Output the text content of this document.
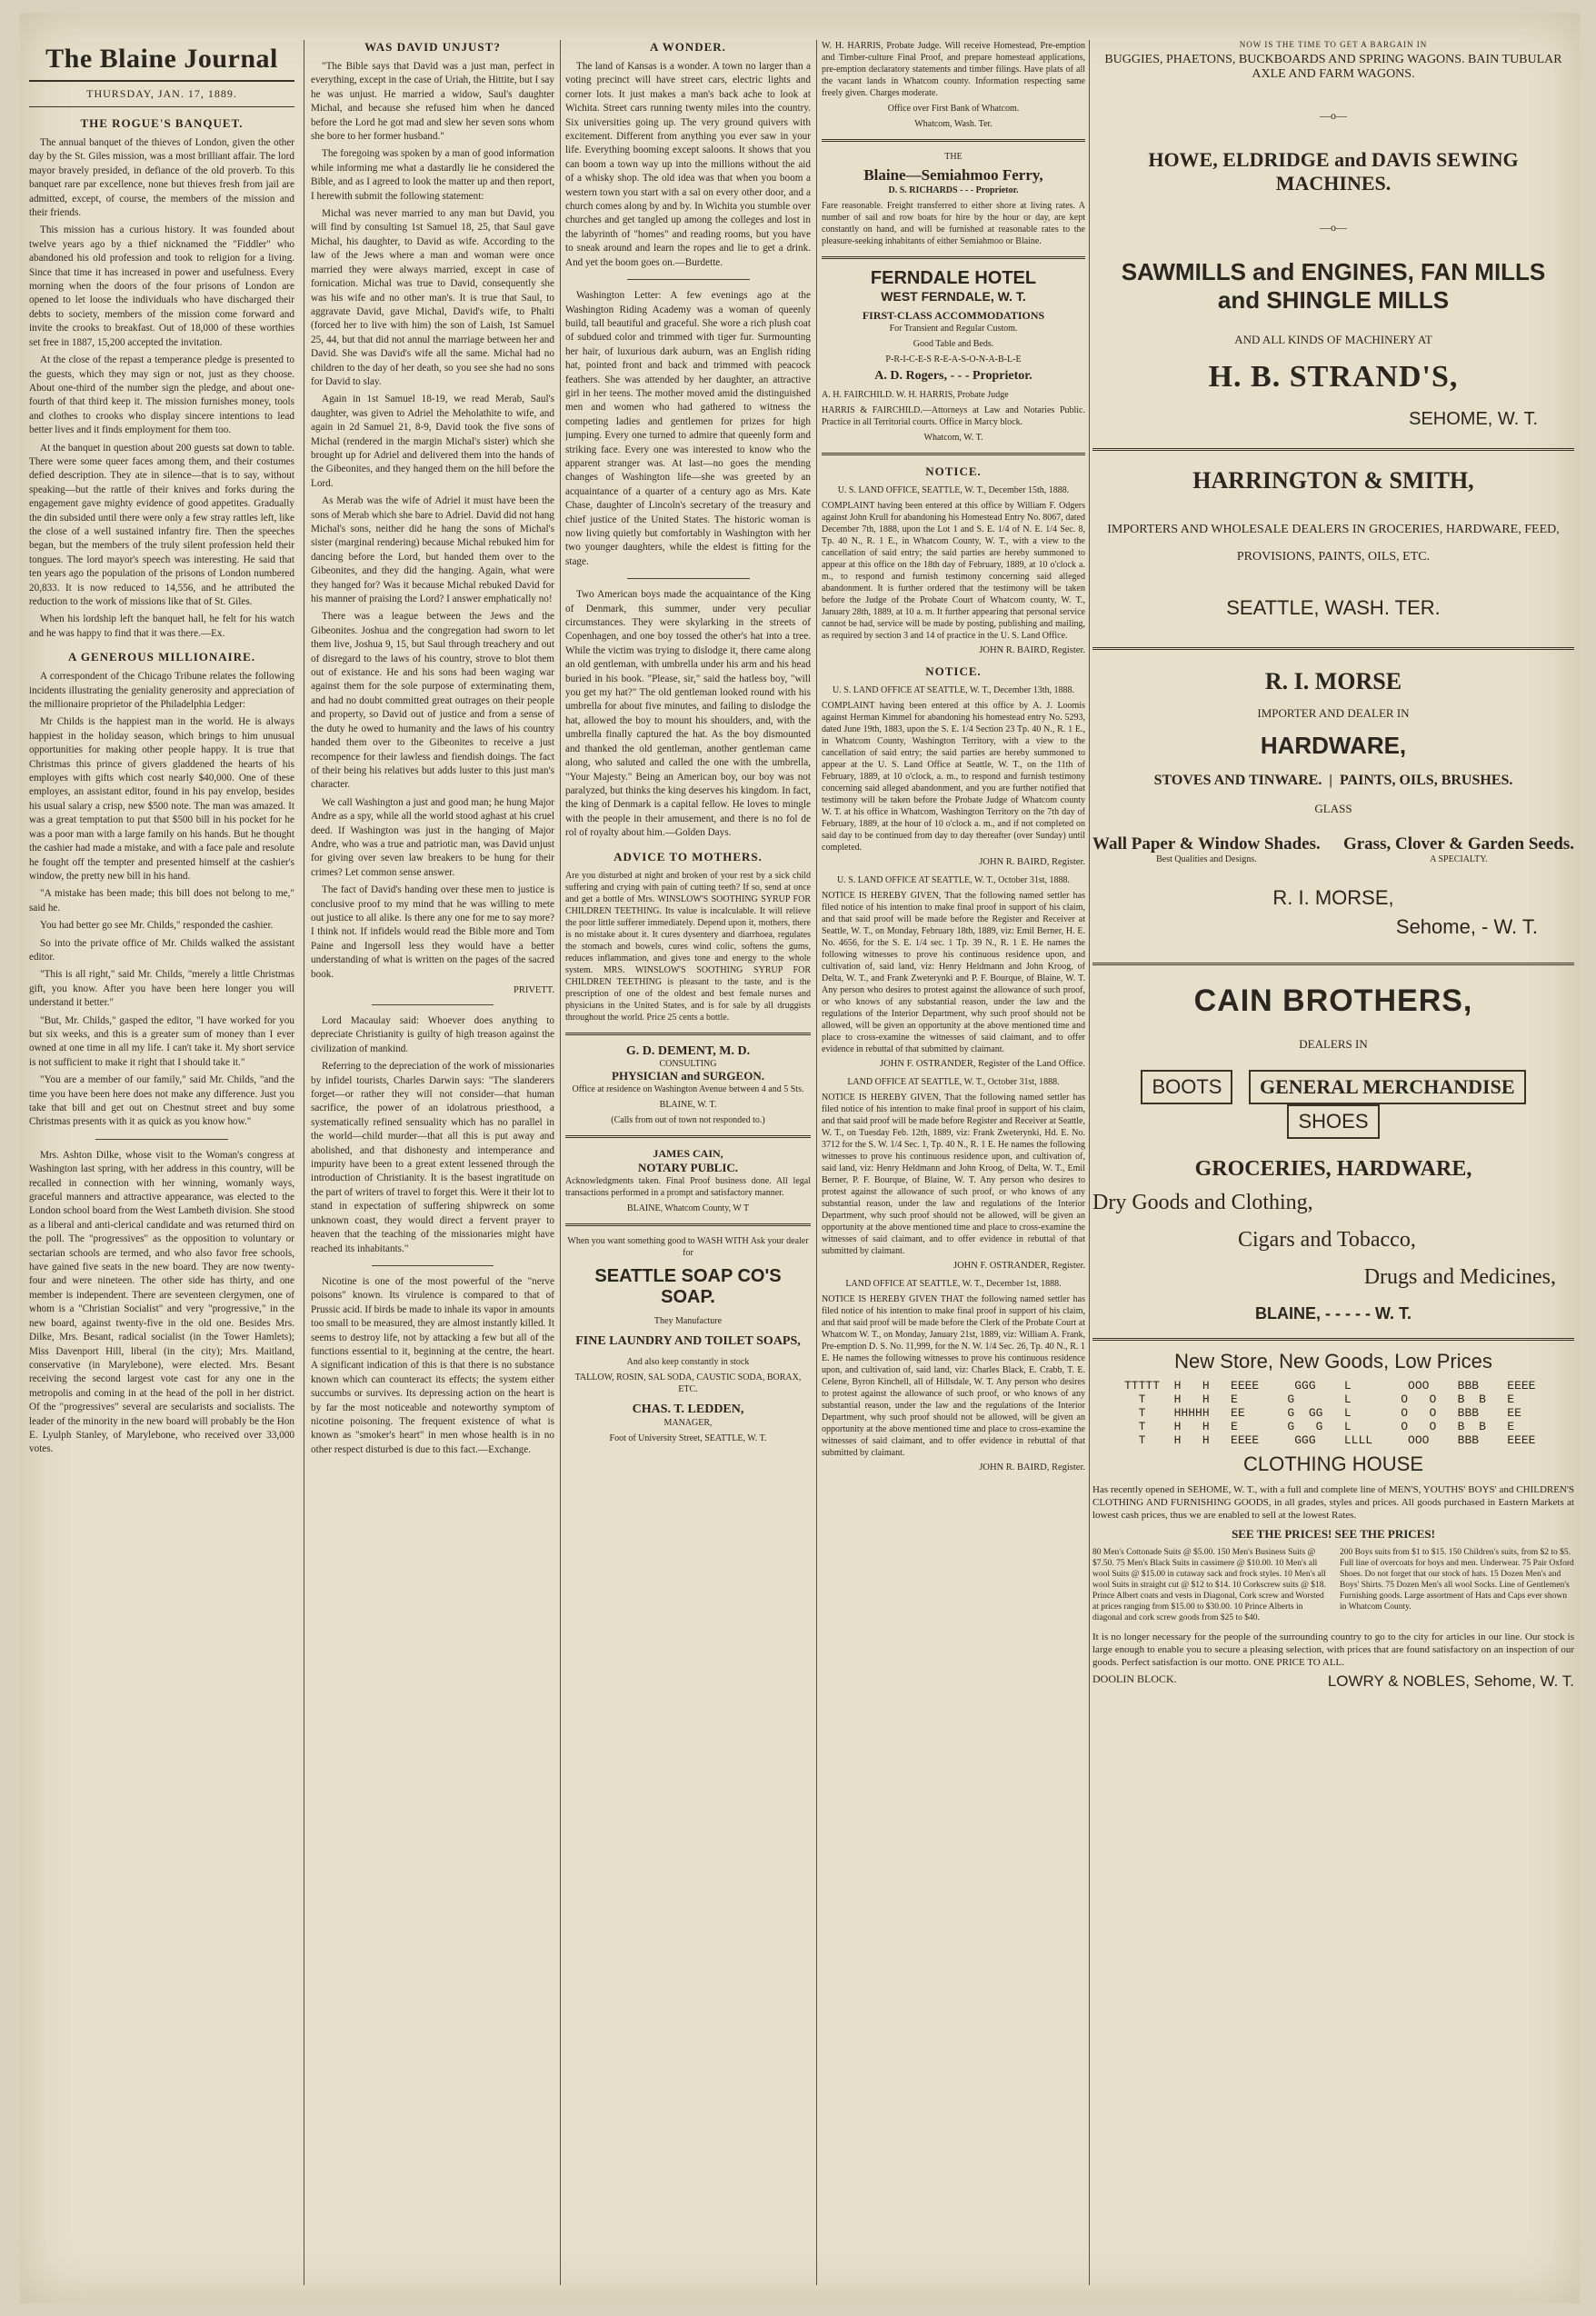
The Blaine Journal
THURSDAY, JAN. 17, 1889.
THE ROGUE'S BANQUET.

The annual banquet of the thieves of London, given the other day by the St. Giles mission, was a most brilliant affair. The lord mayor bravely presided, in defiance of the old proverb. To this banquet rare par excellence, none but thieves fresh from jail are admitted, except, of course, the members of the mission and their friends.

This mission has a curious history. It was founded about twelve years ago by a thief nicknamed the "Fiddler" who abandoned his old profession and took to religion for a living. Since that time it has increased in power and usefulness. Every morning when the doors of the four prisons of London are opened to let loose the individuals who have discharged their debts to society, members of the mission come forward and invite the crooks to breakfast. Out of 18,000 of these worthies set free in 1887, 15,200 accepted the invitation.

At the close of the repast a temperance pledge is presented to the guests, which they may sign or not, just as they choose. About one-third of the number sign the pledge, and about one-fourth of that third keep it. The mission furnishes money, tools and clothes to crooks who display sincere intentions to lead better lives and it finds employment for them too.

At the banquet in question about 200 guests sat down to table. There were some queer faces among them, and their costumes defied description. They ate in silence—that is to say, without speaking—but the rattle of their knives and forks during the engagement gave mighty evidence of good appetites. Gradually the din subsided until there were only a few stray rattles left, like the close of a well sustained infantry fire. Then the speeches began, but the members of the truly silent profession held their tongues. The lord mayor's speech was interesting. He said that ten years ago the population of the prisons of London numbered 20,833. It is now reduced to 14,556, and he attributed the reduction to the work of missions like that of St. Giles.

When his lordship left the banquet hall, he felt for his watch and he was happy to find that it was there.—Ex.

A GENEROUS MILLIONAIRE.

A correspondent of the Chicago Tribune relates the following incidents illustrating the geniality generosity and appreciation of the millionaire proprietor of the Philadelphia Ledger:

Mr Childs is the happiest man in the world. He is always happiest in the holiday season, which brings to him unusual opportunities for making other people happy. It is true that Christmas this prince of givers gladdened the hearts of his employes with gifts which cost nearly $40,000. One of these employes, an assistant editor, found in his pay envelop, besides his usual salary a crisp, new $500 note. The man was amazed. It was a great temptation to put that $500 bill in his pocket for he was a poor man with a large family on his hands. But he thought the cashier had made a mistake, and with a face pale and resolute he fought off the tempter and presented himself at the cashier's window, the pretty new bill in his hand.

"A mistake has been made; this bill does not belong to me," said he.

You had better go see Mr. Childs," responded the cashier.

So into the private office of Mr. Childs walked the assistant editor.

"This is all right," said Mr. Childs, "merely a little Christmas gift, you know. After you have been here longer you will understand it better."

"But, Mr. Childs," gasped the editor, "I have worked for you but six weeks, and this is a greater sum of money than I ever owned at one time in all my life. I can't take it. My short service is not sufficient to make it right that I should take it."

"You are a member of our family," said Mr. Childs, "and the time you have been here does not make any difference. Just you take that bill and get out on Chestnut street and buy some Christmas presents with it as quick as you know how."

Mrs. Ashton Dilke, whose visit to the Woman's congress at Washington last spring, with her address in this country, will be recalled in connection with her winning, womanly ways, graceful manners and attractive appearance, was elected to the London school board from the West Lambeth division. She stood as a liberal and anti-clerical candidate and was returned third on the poll. The "progressives" as the opposition to voluntary or sectarian schools are termed, and who also favor free schools, have gained five seats in the new board. They are now twenty-four and were nineteen. The other side has thirty, and one member is independent. There are seventeen clergymen, one of whom is a "Christian Socialist" and very "progressive," in the new board, against twenty-five in the old one. Besides Mrs. Dilke, Mrs. Besant, radical socialist (in the Tower Hamlets); Miss Davenport Hill, liberal (in the city); Mrs. Maitland, conservative (in Marylebone), were elected. Mrs. Besant receiving the second largest vote cast for any one in the metropolis and coming in at the head of the poll in her district. Of the "progressives" several are secularists and socialists. The leader of the minority in the new board will probably be the Hon E. Lyulph Stanley, of Marylebone, who received over 33,000 votes.

WAS DAVID UNJUST?

"The Bible says that David was a just man, perfect in everything, except in the case of Uriah, the Hittite, but I say he was unjust. He married a widow, Saul's daughter Michal, and because she refused him when he danced before the Lord he got mad and slew her seven sons whom she bore to her former husband."

The foregoing was spoken by a man of good information while informing me what a dastardly lie he considered the Bible, and as I agreed to look the matter up and then report, I herewith submit the following statement:

Michal was never married to any man but David, you will find by consulting 1st Samuel 18, 25, that Saul gave Michal, his daughter, to David as wife. According to the law of the Jews where a man and woman were once married they were always married, except in case of fornication. Michal was true to David, consequently she was his wife and no other man's. It is true that Saul, to aggravate David, gave Michal, David's wife, to Phalti (forced her to live with him) the son of Laish, 1st Samuel 25, 44, but that did not annul the marriage between her and David. She was David's wife all the same. Michal had no children to the day of her death, so you see she had no sons for David to slay.

Again in 1st Samuel 18-19, we read Merab, Saul's daughter, was given to Adriel the Meholathite to wife, and again in 2d Samuel 21, 8-9, David took the five sons of Michal (rendered in the margin Michal's sister) which she brought up for Adriel and delivered them into the hands of the Gibeonites, and they hanged them on the hill before the Lord.

As Merab was the wife of Adriel it must have been the sons of Merab which she bare to Adriel. David did not hang Michal's sons, neither did he hang the sons of Michal's sister (marginal rendering) because Michal rebuked him for dancing before the Lord, but handed them over to the Gibeonites, and they did the hanging. Again, what were they hanged for? Was it because Michal rebuked David for his manner of praising the Lord? I answer emphatically no!

There was a league between the Jews and the Gibeonites. Joshua and the congregation had sworn to let them live, Joshua 9, 15, but Saul through treachery and out of disregard to the laws of his country, strove to blot them out of existance. He and his sons had been waging war against them for the sole purpose of exterminating them, and had no doubt committed great outrages on their people and property, so David out of justice and from a sense of the duty he owed to humanity and the laws of his country handed them over to the Gibeonites to receive a just recompence for their lawless and fiendish doings. The fact of their being his relatives but adds luster to this just man's character.

We call Washington a just and good man; he hung Major Andre as a spy, while all the world stood aghast at his cruel deed. If Washington was just in the hanging of Major Andre, who was a true and patriotic man, was David unjust for giving over seven law breakers to be hung for their crimes? Let common sense answer.

The fact of David's handing over these men to justice is conclusive proof to my mind that he was willing to mete out justice to all alike. Is there any one for me to say more? I think not. If infidels would read the Bible more and Tom Paine and Ingersoll less they would have a better understanding of what is written on the pages of the sacred book.

PRIVETT.

Lord Macaulay said: Whoever does anything to depreciate Christianity is guilty of high treason against the civilization of mankind.

Referring to the depreciation of the work of missionaries by infidel tourists, Charles Darwin says: "The slanderers forget—or rather they will not consider—that human sacrifice, the power of an idolatrous priesthood, a systematically refined sensuality which has no parallel in the world—child murder—that all this is put away and abolished, and that dishonesty and intemperance and impurity have been to a great extent lessened through the introduction of Christianity. It is the basest ingratitude on the part of writers of travel to forget this. Were it their lot to stand in expectation of suffering shipwreck on some unknown coast, they would direct a fervent prayer to heaven that the teaching of the missionaries might have reached its inhabitants."

Nicotine is one of the most powerful of the "nerve poisons" known. Its virulence is compared to that of Prussic acid. If birds be made to inhale its vapor in amounts too small to be measured, they are almost instantly killed. It seems to destroy life, not by attacking a few but all of the functions essential to it, beginning at the centre, the heart. A significant indication of this is that there is no substance known which can counteract its effects; the system either succumbs or survives. Its depressing action on the heart is by far the most noticeable and noteworthy symptom of nicotine poisoning. The frequent existence of what is known as "smoker's heart" in men whose health is in no other respect disturbed is due to this fact.—Exchange.

A WONDER.

The land of Kansas is a wonder. A town no larger than a voting precinct will have street cars, electric lights and corner lots. It just makes a man's back ache to look at Wichita. Street cars running twenty miles into the country. Six universities going up. The very ground quivers with excitement. Different from anything you ever saw in your life. Everything booming except saloons. It shows that you can boom a town way up into the millions without the aid of a whisky shop. The old idea was that when you boom a western town you start with a sal on every other door, and a church comes along by and by. In Wichita you stumble over churches and get tangled up among the colleges and lost in the labyrinth of "homes" and reading rooms, but you have to sneak around and learn the ropes and lie to get a drink. And yet the boom goes on.—Burdette.

Washington Letter: A few evenings ago at the Washington Riding Academy was a woman of queenly build, tall beautiful and graceful. She wore a rich plush coat of subdued color and trimmed with tiger fur. Surmounting her hair, of luxurious dark auburn, was an English riding hat, pointed front and back and trimmed with peacock feathers. She was attended by her daughter, an attractive girl in her teens. The mother moved amid the distinguished men and women who had gathered to witness the competing ladies and gentlemen for prizes for high jumping. Every one turned to admire that queenly form and striking face. Every one was interested to know who the apparent stranger was. At last—no goes the mending changes of Washington life—she was greeted by an acquaintance of a quarter of a century ago as Mrs. Kate Chase, daughter of Lincoln's secretary of the treasury and chief justice of the United States. The historic woman is now living quietly but comfortably in Washington with her two younger daughters, while the eldest is fitting for the stage.

Two American boys made the acquaintance of the King of Denmark, this summer, under very peculiar circumstances. They were skylarking in the streets of Copenhagen, and one boy tossed the other's hat into a tree. While the victim was trying to dislodge it, there came along an old gentleman, with umbrella under his arm and his head buried in his book. "Please, sir," said the hatless boy, "will you get my hat?" The old gentleman looked round with his umbrella for about five minutes, and failing to dislodge the hat, allowed the boy to mount his shoulders, and, with the umbrella finally captured the hat. As the boy dismounted and thanked the old gentleman, another gentleman came along, who saluted and called the one with the umbrella, "Your Majesty." Being an American boy, our boy was not paralyzed, but thinks the king deserves his kingdom. In fact, the king of Denmark is a capital fellow. He loves to mingle with the people in their amusement, and there is no fol de rol of royalty about him.—Golden Days.

ADVICE TO MOTHERS.

Are you disturbed at night and broken of your rest by a sick child suffering and crying with pain of cutting teeth? If so, send at once and get a bottle of Mrs. WINSLOW'S SOOTHING SYRUP FOR CHILDREN TEETHING. Its value is incalculable. It will relieve the poor little sufferer immediately. Depend upon it, mothers, there is no mistake about it. It cures dysentery and diarrhoea, regulates the stomach and bowels, cures wind colic, softens the gums, reduces inflammation, and gives tone and energy to the whole system. MRS. WINSLOW'S SOOTHING SYRUP FOR CHILDREN TEETHING is pleasant to the taste, and is the prescription of one of the oldest and best female nurses and physicians in the United States, and is for sale by all druggists throughout the world. Price 25 cents a bottle.

G. D. DEMENT, M. D.
CONSULTING
PHYSICIAN and SURGEON.
Office at residence on Washington Avenue between 4 and 5 Sts.
BLAINE, W. T.
(Calls from out of town not responded to.)
JAMES CAIN,
NOTARY PUBLIC.
Acknowledgments taken. Final Proof business done. All legal transactions performed in a prompt and satisfactory manner.
BLAINE, Whatcom County, W T
When you want something good to WASH WITH Ask your dealer for
SEATTLE SOAP CO'S SOAP.
They Manufacture
FINE LAUNDRY AND TOILET SOAPS,
And also keep constantly in stock
TALLOW, ROSIN, SAL SODA, CAUSTIC SODA, BORAX, ETC.
CHAS. T. LEDDEN,
MANAGER,
Foot of University Street, SEATTLE, W. T.

W. H. HARRIS, Probate Judge. Will receive Homestead, Pre-emption and Timber-culture Final Proof, and prepare homestead applications, pre-emption declaratory statements and timber filings. Have plats of all the vacant lands in Whatcom county. Information respecting same freely given. Charges moderate.

Office over First Bank of Whatcom.
Whatcom, Wash. Ter.
THE
Blaine—Semiahmoo Ferry,
D. S. RICHARDS - - - Proprietor.

Fare reasonable. Freight transferred to either shore at living rates. A number of sail and row boats for hire by the hour or day, are kept constantly on hand, and will be furnished at reasonable rates to the pleasure-seeking inhabitants of either Semiahmoo or Blaine.

FERNDALE HOTEL
WEST FERNDALE, W. T.
FIRST-CLASS ACCOMMODATIONS
For Transient and Regular Custom.
Good Table and Beds.
P-R-I-C-E-S R-E-A-S-O-N-A-B-L-E
A. D. Rogers, - - - Proprietor.
A. H. FAIRCHILD. W. H. HARRIS, Probate Judge

HARRIS & FAIRCHILD.—Attorneys at Law and Notaries Public. Practice in all Territorial courts. Office in Marcy block.

Whatcom, W. T.
NOTICE.
U. S. LAND OFFICE, SEATTLE, W. T., December 15th, 1888.

COMPLAINT having been entered at this office by William F. Odgers against John Krull for abandoning his Homestead Entry No. 8067, dated December 7th, 1888, upon the Lot 1 and S. E. 1/4 of N. E. 1/4 Sec. 8, Tp. 40 N., R. 1 E., in Whatcom County, W. T., with a view to the cancellation of said entry; the said parties are hereby summoned to appear at this office on the 18th day of February, 1889, at 10 o'clock a. m., to respond and furnish testimony concerning said alleged abandonment. It is further ordered that the testimony will be taken before the Judge of the Probate Court of Whatcom county, W. T., January 28th, 1889, at 10 a. m. It further appearing that personal service cannot be had, service will be made by posting, publishing and mailing, as required by section 3 and 14 of practice in the U. S. Land Office.

JOHN R. BAIRD, Register.
NOTICE.
U. S. LAND OFFICE AT SEATTLE, W. T., December 13th, 1888.

COMPLAINT having been entered at this office by A. J. Loomis against Herman Kimmel for abandoning his homestead entry No. 5293, dated June 19th, 1883, upon the S. E. 1/4 Section 23 Tp. 40 N., R. 1 E., in Whatcom County, Washington Territory, with a view to the cancellation of said entry; the said parties are hereby summoned to appear at the U. S. Land Office at Seattle, W. T., on the 11th of February, 1889, at 10 o'clock, a. m., to respond and furnish testimony concerning said alleged abandonment, and you are further notified that testimony will be taken before the Probate Judge of Whatcom county W. T. at his office in Whatcom, Washington Territory on the 7th day of February, 1889, at the hour of 10 o'clock a. m., and if not completed on said day to be continued from day to day thereafter (over Sunday) until completed.

JOHN R. BAIRD, Register.
U. S. LAND OFFICE AT SEATTLE, W. T., October 31st, 1888.

NOTICE IS HEREBY GIVEN, That the following named settler has filed notice of his intention to make final proof in support of his claim, and that said proof will be made before the Register and Receiver at Seattle, W. T., on Monday, February 18th, 1889, viz: Emil Berner, H. E. No. 4656, for the S. E. 1/4 sec. 1 Tp. 39 N., R. 1 E. He names the following witnesses to prove his continuous residence upon, and cultivation of, said land, viz: Henry Heldmann and John Kroog, of Delta, W. T., and Frank Zweterynki and P. F. Bourque, of Blaine, W. T. Any person who desires to protest against the allowance of such proof, or who knows of any substantial reason, under the law and the regulations of the Interior Department, why such proof should not be allowed, will be given an opportunity at the above mentioned time and place to cross-examine the witnesses of said claimant, and to offer evidence in rebuttal of that submitted by claimant.

JOHN F. OSTRANDER, Register of the Land Office.
LAND OFFICE AT SEATTLE, W. T., October 31st, 1888.

NOTICE IS HEREBY GIVEN, That the following named settler has filed notice of his intention to make final proof in support of his claim, and that said proof will be made before Register and Receiver at Seattle, W. T., on Tuesday Feb. 12th, 1889, viz: Frank Zweterynki, Hd. E. No. 3712 for the S. W. 1/4 Sec. 1, Tp. 40 N., R. 1 E. He names the following witnesses to prove his continuous residence upon, and cultivation of, said land, viz: Henry Heldmann and John Kroog, of Delta, W. T., Emil Berner, P. F. Bourque, of Blaine, W. T. Any person who desires to protest against the allowance of such proof, or who knows of any substantial reason, under the law and regulations of the Interior Department, why such proof should not be allowed, will be given an opportunity at the above mentioned time and place to cross-examine the witnesses of said claimant, and to offer evidence in rebuttal of that submitted by claimant.

JOHN F. OSTRANDER, Register.
LAND OFFICE AT SEATTLE, W. T., December 1st, 1888.

NOTICE IS HEREBY GIVEN THAT the following named settler has filed notice of his intention to make final proof in support of his claim, and that said proof will be made before the Clerk of the Probate Court at Whatcom W. T., on Monday, January 21st, 1889, viz: William A. Frank, Pre-emption D. S. No. 11,999, for the N. W. 1/4 Sec. 26, Tp. 40 N., R. 1 E. He names the following witnesses to prove his continuous residence upon, and cultivation of, said land, viz: Charles Black, E. Crabb, T. E. Celene, Byron Kinchell, all of Hillsdale, W. T. Any person who desires to protest against the allowance of such proof, or who knows of any substantial reason, under the law and the regulations of the Interior Department, why such proof should not be allowed, will be given an opportunity at the above mentioned time and place to cross-examine the witnesses of said claimant, and to offer evidence in rebuttal of that submitted by claimant.

JOHN R. BAIRD, Register.
NOW IS THE TIME TO GET A BARGAIN IN
BUGGIES, PHAETONS, BUCKBOARDS AND SPRING WAGONS. BAIN TUBULAR AXLE AND FARM WAGONS.
—o—
HOWE, ELDRIDGE and DAVIS SEWING MACHINES.
—o—
SAWMILLS and ENGINES, FAN MILLS and SHINGLE MILLS
AND ALL KINDS OF MACHINERY AT
H. B. STRAND'S,
SEHOME, W. T.
HARRINGTON & SMITH,
IMPORTERS AND WHOLESALE DEALERS IN GROCERIES, HARDWARE, FEED, PROVISIONS, PAINTS, OILS, ETC.
SEATTLE, WASH. TER.
R. I. MORSE
IMPORTER AND DEALER IN
HARDWARE,
STOVES AND TINWARE.  |  PAINTS, OILS, BRUSHES.
GLASS
Wall Paper & Window Shades.
Best Qualities and Designs.
Grass, Clover & Garden Seeds.
A SPECIALTY.
R. I. MORSE,
Sehome, - W. T.
CAIN BROTHERS,
DEALERS IN
BOOTS GENERAL MERCHANDISE SHOES
GROCERIES, HARDWARE,
Dry Goods and Clothing,
Cigars and Tobacco,
Drugs and Medicines,
BLAINE, - - - - - W. T.
New Store, New Goods, Low Prices
TTTTT  H   H   EEEE     GGG    L        OOO    BBB    EEEE
T    H   H   E       G       L       O   O   B  B   E
T    HHHHH   EE      G  GG   L       O   O   BBB    EE
T    H   H   E       G   G   L       O   O   B  B   E
T    H   H   EEEE     GGG    LLLL     OOO    BBB    EEEE
CLOTHING HOUSE

Has recently opened in SEHOME, W. T., with a full and complete line of MEN'S, YOUTHS' BOYS' and CHILDREN'S CLOTHING AND FURNISHING GOODS, in all grades, styles and prices. All goods purchased in Eastern Markets at lowest cash prices, thus we are enabled to sell at the lowest Rates.

SEE THE PRICES! SEE THE PRICES!
80 Men's Cottonade Suits @ $5.00. 150 Men's Business Suits @ $7.50. 75 Men's Black Suits in cassimere @ $10.00. 10 Men's all wool Suits @ $15.00 in cutaway sack and frock styles. 10 Men's all wool Suits in straight cut @ $12 to $14. 10 Corkscrew suits @ $18. Prince Albert coats and vests in Diagonal, Cork screw and Worsted at prices ranging from $15.00 to $30.00. 10 Prince Alberts in diagonal and cork screw goods from $25 to $40.
200 Boys suits from $1 to $15. 150 Children's suits, from $2 to $5. Full line of overcoats for boys and men. Underwear. 75 Pair Oxford Shoes. Do not forget that our stock of hats. 15 Dozen Men's and Boys' Shirts. 75 Dozen Men's all wool Socks. Line of Gentlemen's Furnishing goods. Large assortment of Hats and Caps ever shown in Whatcom County.

It is no longer necessary for the people of the surrounding country to go to the city for articles in our line. Our stock is large enough to enable you to secure a pleasing selection, with prices that are found satisfactory on an inspection of our goods. Perfect satisfaction is our motto. ONE PRICE TO ALL.

DOOLIN BLOCK.	LOWRY & NOBLES, Sehome, W. T.
